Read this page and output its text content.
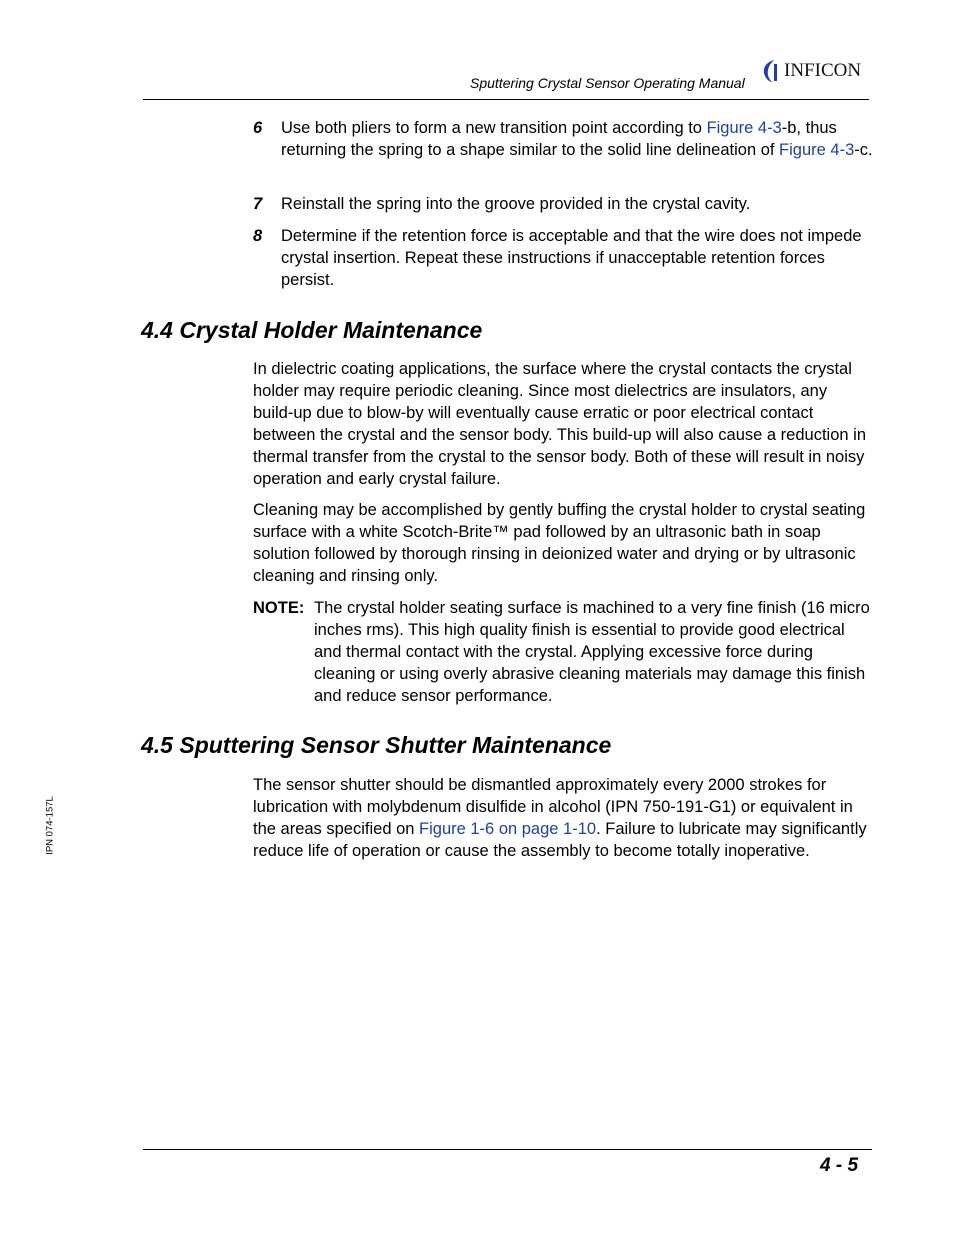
Sputtering Crystal Sensor Operating Manual
INFICON
6 Use both pliers to form a new transition point according to Figure 4-3-b, thus returning the spring to a shape similar to the solid line delineation of Figure 4-3-c.
7 Reinstall the spring into the groove provided in the crystal cavity.
8 Determine if the retention force is acceptable and that the wire does not impede crystal insertion. Repeat these instructions if unacceptable retention forces persist.
4.4 Crystal Holder Maintenance
In dielectric coating applications, the surface where the crystal contacts the crystal holder may require periodic cleaning. Since most dielectrics are insulators, any build-up due to blow-by will eventually cause erratic or poor electrical contact between the crystal and the sensor body. This build-up will also cause a reduction in thermal transfer from the crystal to the sensor body. Both of these will result in noisy operation and early crystal failure.
Cleaning may be accomplished by gently buffing the crystal holder to crystal seating surface with a white Scotch-Brite™ pad followed by an ultrasonic bath in soap solution followed by thorough rinsing in deionized water and drying or by ultrasonic cleaning and rinsing only.
NOTE: The crystal holder seating surface is machined to a very fine finish (16 micro inches rms). This high quality finish is essential to provide good electrical and thermal contact with the crystal. Applying excessive force during cleaning or using overly abrasive cleaning materials may damage this finish and reduce sensor performance.
4.5 Sputtering Sensor Shutter Maintenance
The sensor shutter should be dismantled approximately every 2000 strokes for lubrication with molybdenum disulfide in alcohol (IPN 750-191-G1) or equivalent in the areas specified on Figure 1-6 on page 1-10. Failure to lubricate may significantly reduce life of operation or cause the assembly to become totally inoperative.
IPN 074-157L
4 - 5
